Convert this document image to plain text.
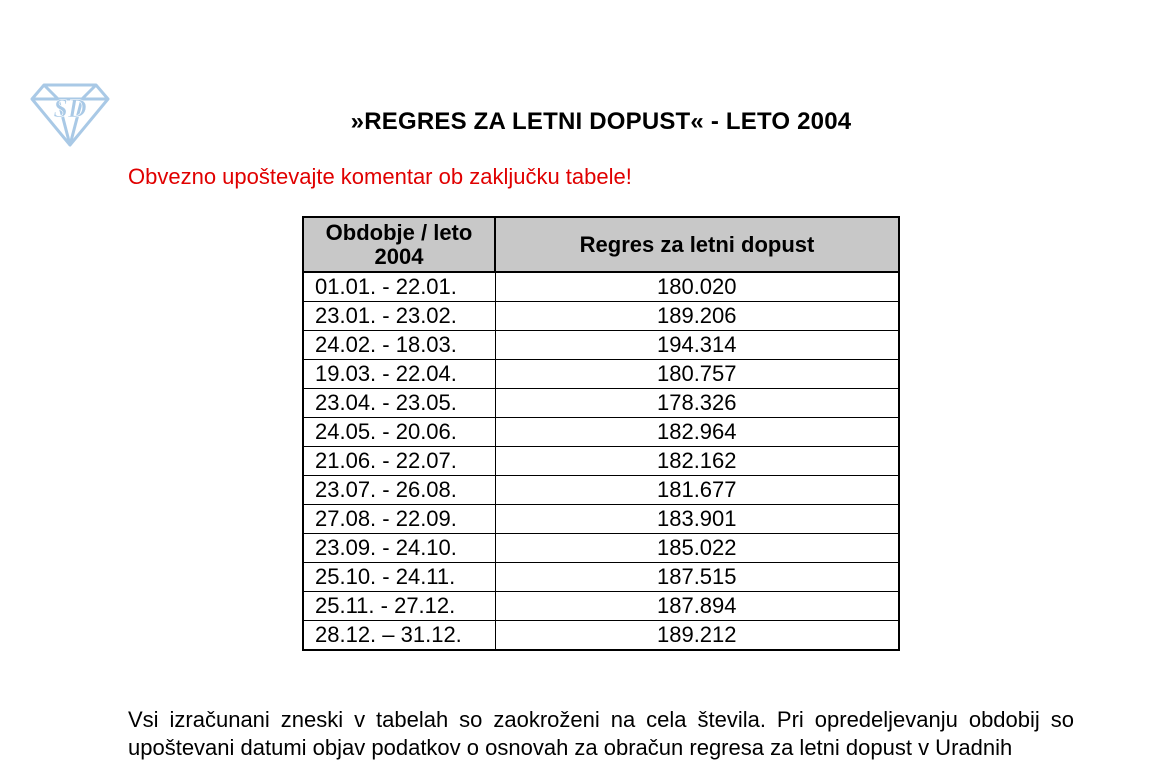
SD	»REGRES ZA LETNI DOPUST« - LETO 2004

Obvezno upoštevajte komentar ob zaključku tabele!

Obdobje / leto 2004	Regres za letni dopust
01.01. - 22.01.	180.020
23.01. - 23.02.	189.206
24.02. - 18.03.	194.314
19.03. - 22.04.	180.757
23.04. - 23.05.	178.326
24.05. - 20.06.	182.964
21.06. - 22.07.	182.162
23.07. - 26.08.	181.677
27.08. - 22.09.	183.901
23.09. - 24.10.	185.022
25.10. - 24.11.	187.515
25.11. - 27.12.	187.894
28.12. – 31.12.	189.212

Vsi izračunani zneski v tabelah so zaokroženi na cela števila. Pri opredeljevanju obdobij so upoštevani datumi objav podatkov o osnovah za obračun regresa za letni dopust v Uradnih
